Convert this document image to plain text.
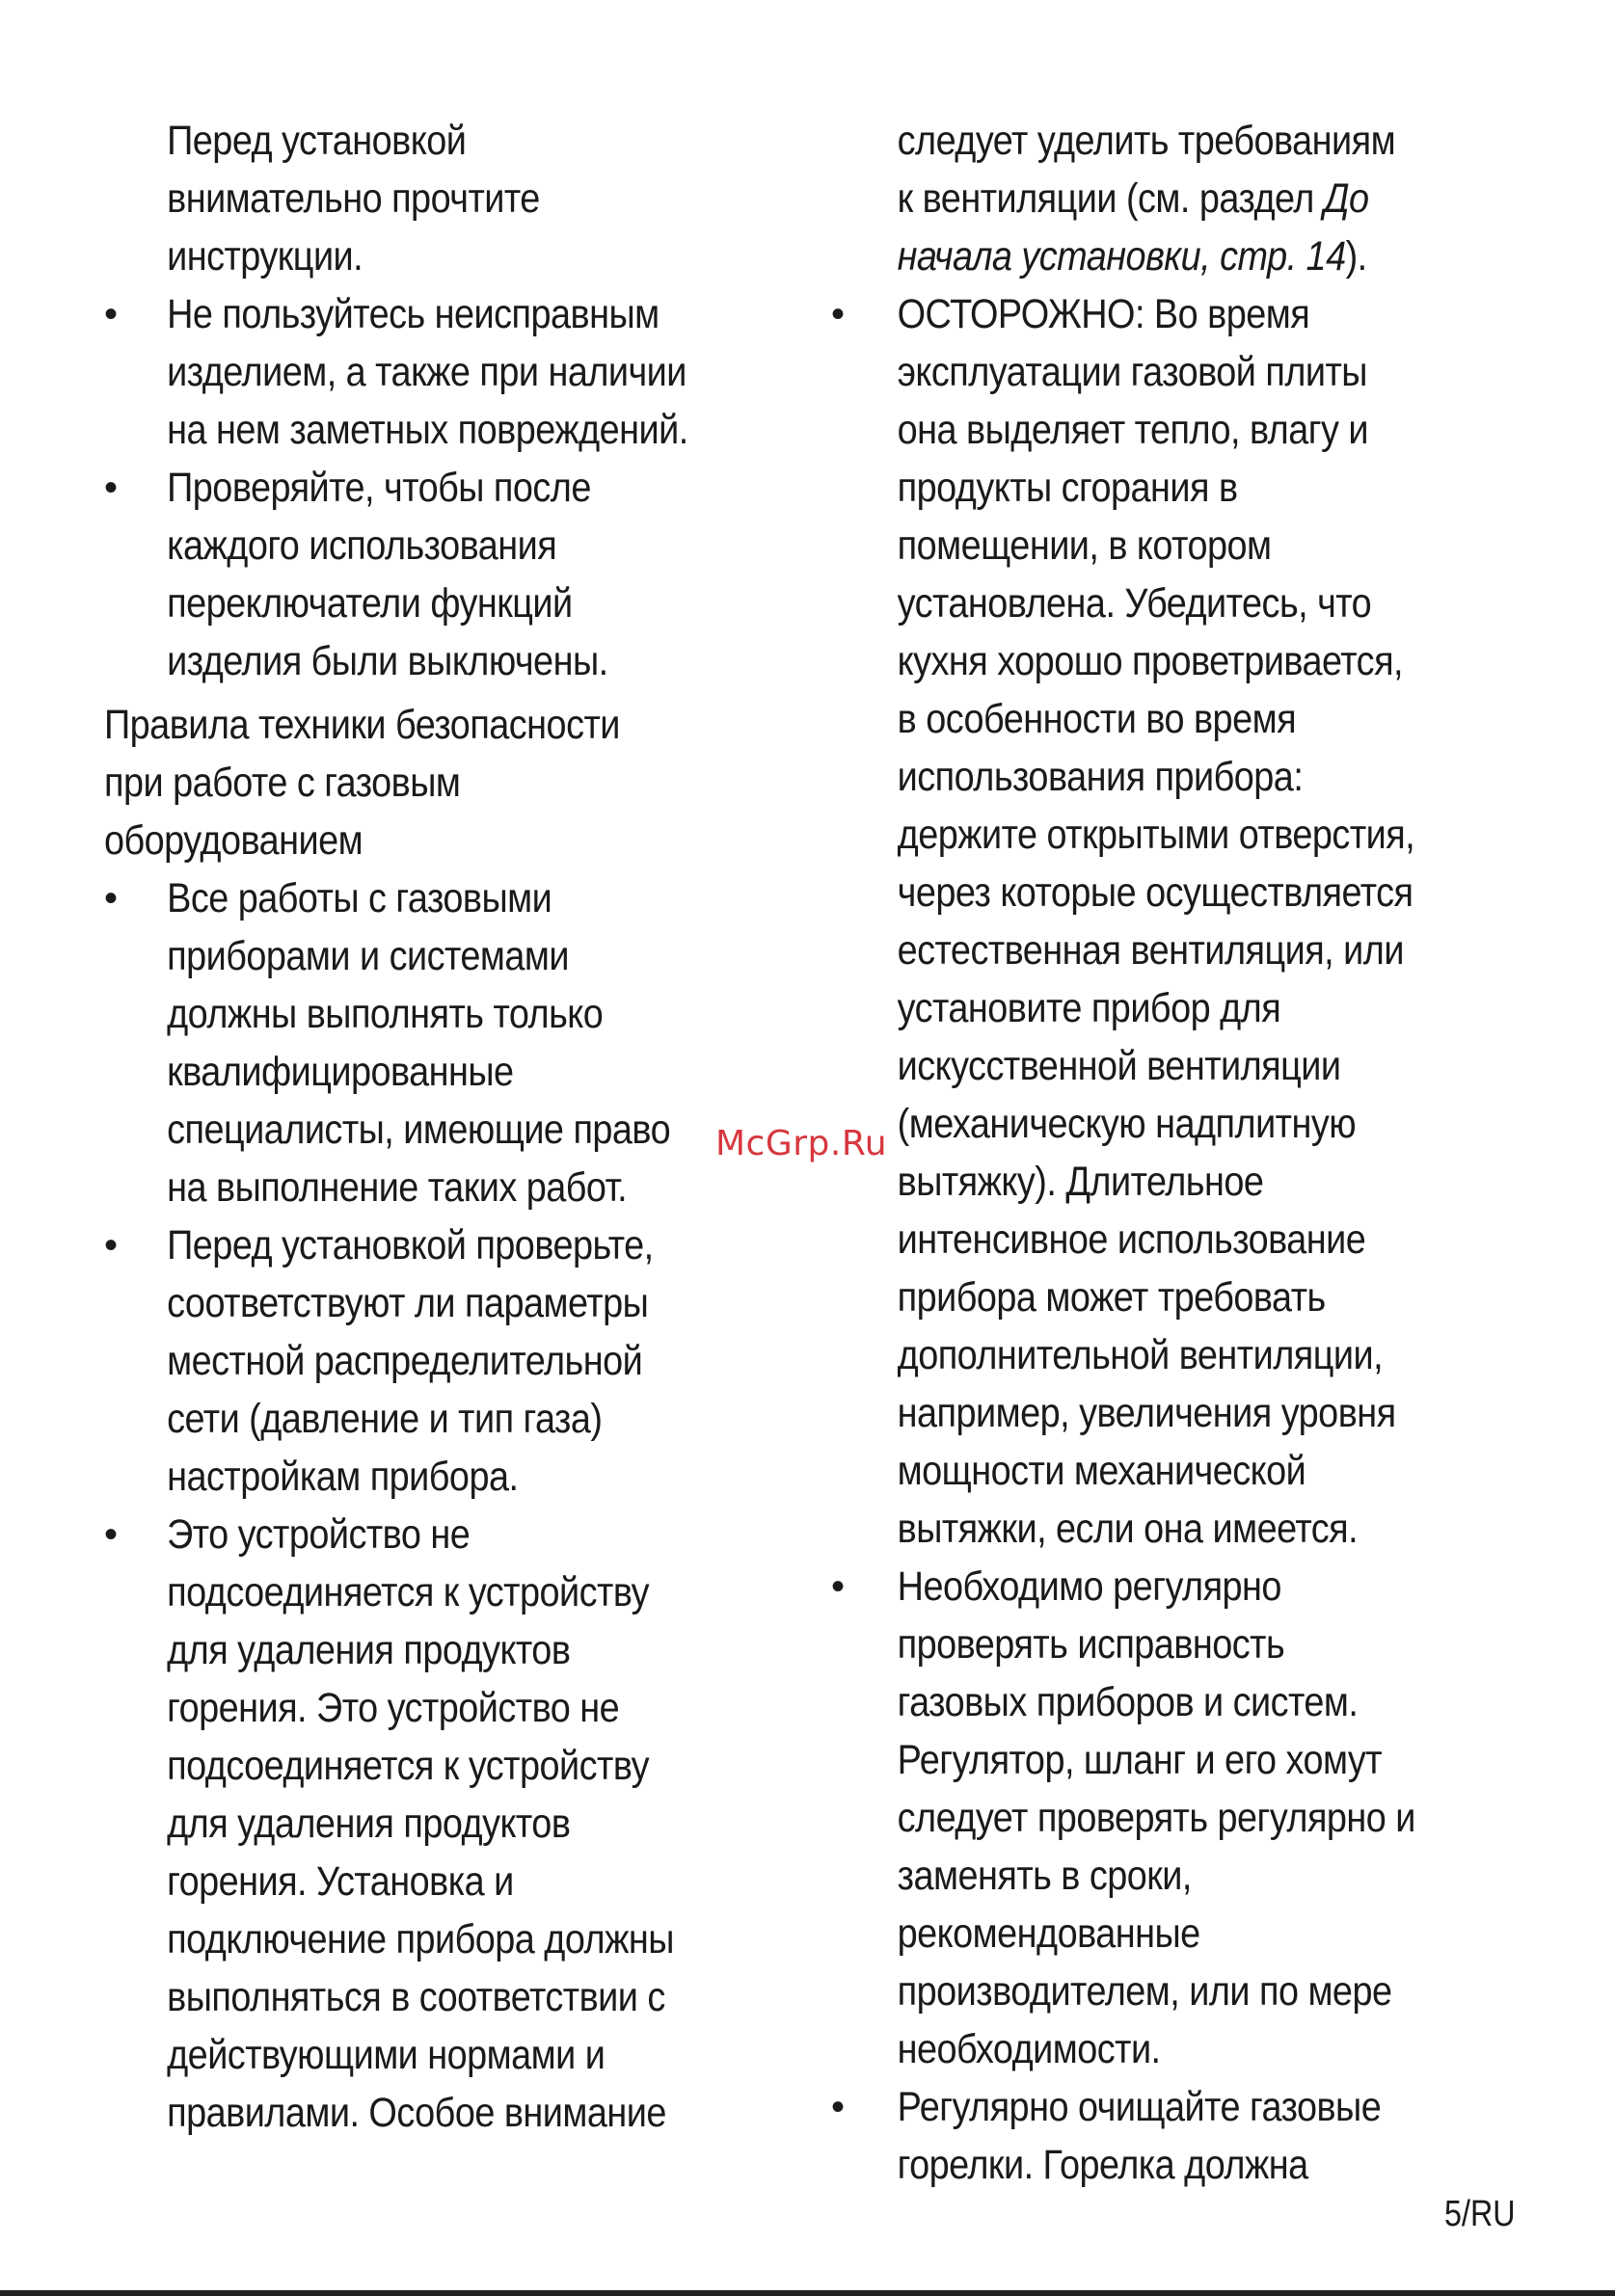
Перед установкой
внимательно прочтите
инструкции.
•	Не пользуйтесь неисправным
изделием, а также при наличии
на нем заметных повреждений.
•	Проверяйте, чтобы после
каждого использования
переключатели функций
изделия были выключены.
Правила техники безопасности
при работе с газовым
оборудованием
•	Все работы с газовыми
приборами и системами
должны выполнять только
квалифицированные
специалисты, имеющие право
на выполнение таких работ.
•	Перед установкой проверьте,
соответствуют ли параметры
местной распределительной
сети (давление и тип газа)
настройкам прибора.
•	Это устройство не
подсоединяется к устройству
для удаления продуктов
горения. Это устройство не
подсоединяется к устройству
для удаления продуктов
горения. Установка и
подключение прибора должны
выполняться в соответствии с
действующими нормами и
правилами. Особое внимание
следует уделить требованиям
к вентиляции (см. раздел До
начала установки, стр. 14).
•	ОСТОРОЖНО: Во время
эксплуатации газовой плиты
она выделяет тепло, влагу и
продукты сгорания в
помещении, в котором
установлена. Убедитесь, что
кухня хорошо проветривается,
в особенности во время
использования прибора:
держите открытыми отверстия,
через которые осуществляется
естественная вентиляция, или
установите прибор для
искусственной вентиляции
(механическую надплитную
вытяжку). Длительное
интенсивное использование
прибора может требовать
дополнительной вентиляции,
например, увеличения уровня
мощности механической
вытяжки, если она имеется.
•	Необходимо регулярно
проверять исправность
газовых приборов и систем.
Регулятор, шланг и его хомут
следует проверять регулярно и
заменять в сроки,
рекомендованные
производителем, или по мере
необходимости.
•	Регулярно очищайте газовые
горелки. Горелка должна
McGrp.Ru
5/RU
